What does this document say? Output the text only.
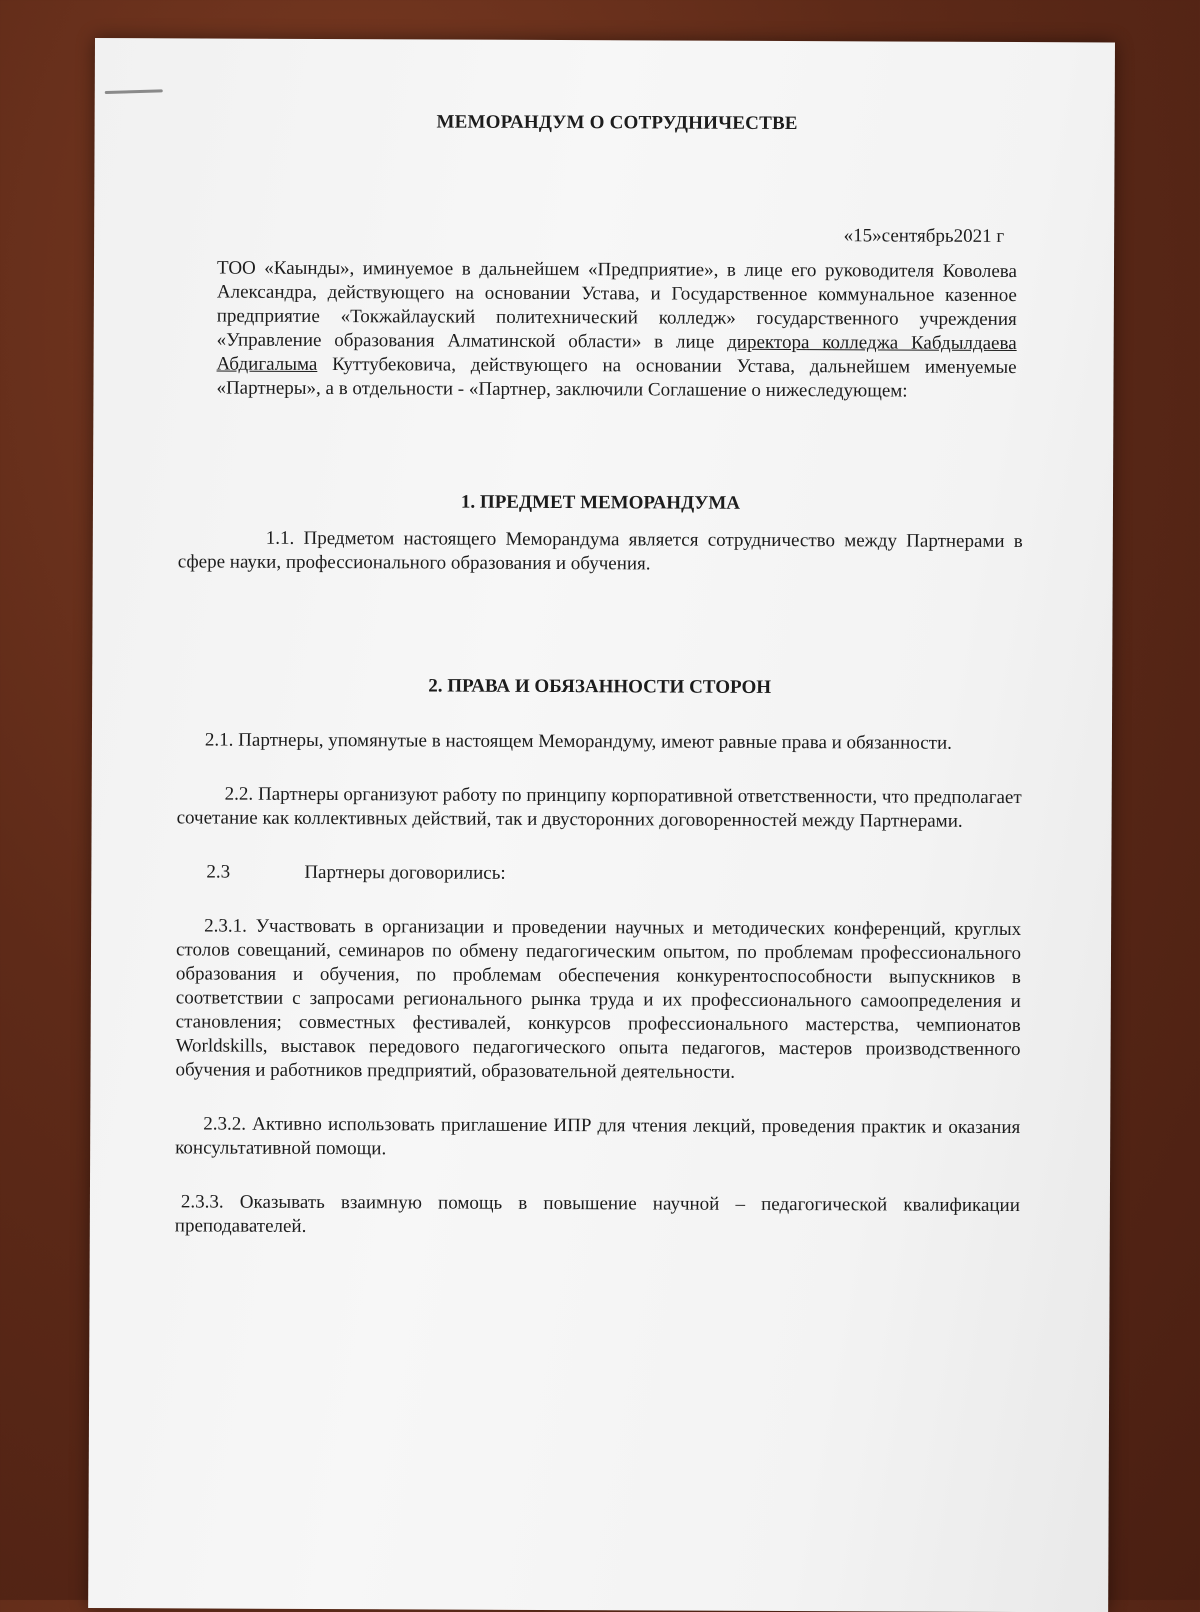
МЕМОРАНДУМ О СОТРУДНИЧЕСТВЕ
«15»сентябрь2021 г

ТОО «Каынды», иминуемое в дальнейшем «Предприятие», в лице его руководителя Коволева Александра, действующего на основании Устава, и Государственное коммунальное казенное предприятие «Токжайлауский политехнический колледж» государственного учреждения «Управление образования Алматинской области» в лице директора колледжа Кабдылдаева Абдигалыма Куттубековича, действующего на основании Устава, дальнейшем именуемые «Партнеры», а в отдельности - «Партнер, заключили Соглашение о нижеследующем:

1. ПРЕДМЕТ МЕМОРАНДУМА

1.1. Предметом настоящего Меморандума является сотрудничество между Партнерами в сфере науки, профессионального образования и обучения.

2. ПРАВА И ОБЯЗАННОСТИ СТОРОН

2.1. Партнеры, упомянутые в настоящем Меморандуму, имеют равные права и обязанности.

2.2. Партнеры организуют работу по принципу корпоративной ответственности, что предполагает сочетание как коллективных действий, так и двусторонних договоренностей между Партнерами.

2.3	Партнеры договорились:

2.3.1. Участвовать в организации и проведении научных и методических конференций, круглых столов совещаний, семинаров по обмену педагогическим опытом, по проблемам профессионального образования и обучения, по проблемам обеспечения конкурентоспособности выпускников в соответствии с запросами регионального рынка труда и их профессионального самоопределения и становления; совместных фестивалей, конкурсов профессионального мастерства, чемпионатов Worldskills, выставок передового педагогического опыта педагогов, мастеров производственного обучения и работников предприятий, образовательной деятельности.

2.3.2. Активно использовать приглашение ИПР для чтения лекций, проведения практик и оказания консультативной помощи.

2.3.3. Оказывать взаимную помощь в повышение научной – педагогической квалификации преподавателей.
